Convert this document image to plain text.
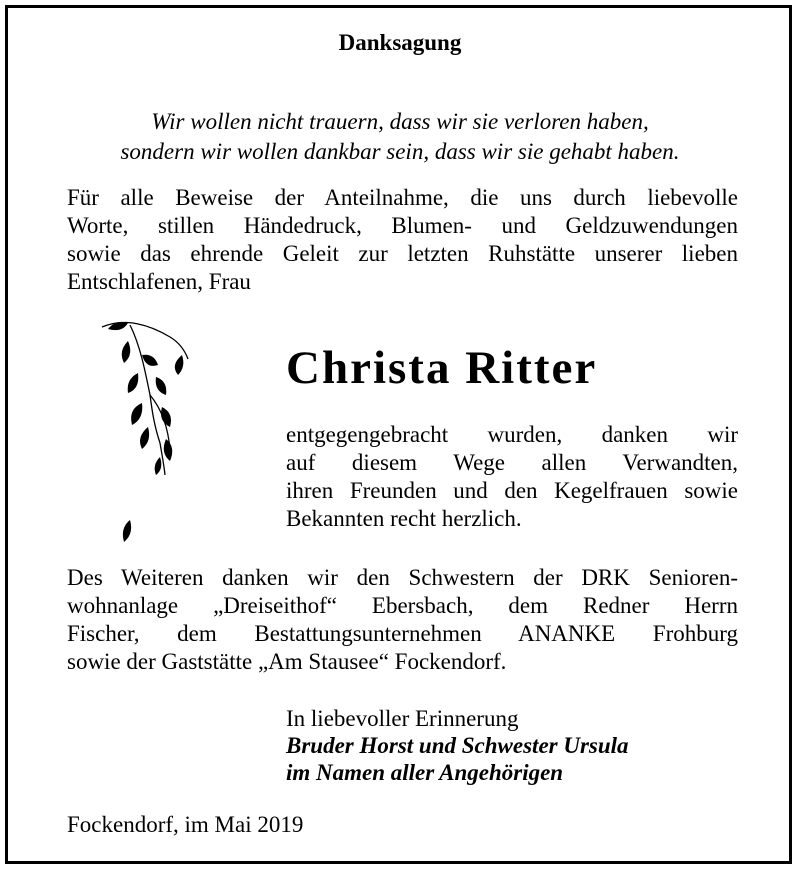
Danksagung
Wir wollen nicht trauern, dass wir sie verloren haben,
sondern wir wollen dankbar sein, dass wir sie gehabt haben.
Für alle Beweise der Anteilnahme, die uns durch liebevolle
Worte, stillen Händedruck, Blumen- und Geldzuwendungen
sowie das ehrende Geleit zur letzten Ruhstätte unserer lieben
Entschlafenen, Frau
Christa Ritter
entgegengebracht wurden, danken wir
auf diesem Wege allen Verwandten,
ihren Freunden und den Kegelfrauen sowie
Bekannten recht herzlich.
Des Weiteren danken wir den Schwestern der DRK Senioren-
wohnanlage „Dreiseithof“ Ebersbach, dem Redner Herrn
Fischer, dem Bestattungsunternehmen ANANKE Frohburg
sowie der Gaststätte „Am Stausee“ Fockendorf.
In liebevoller Erinnerung
Bruder Horst und Schwester Ursula
im Namen aller Angehörigen
Fockendorf, im Mai 2019
